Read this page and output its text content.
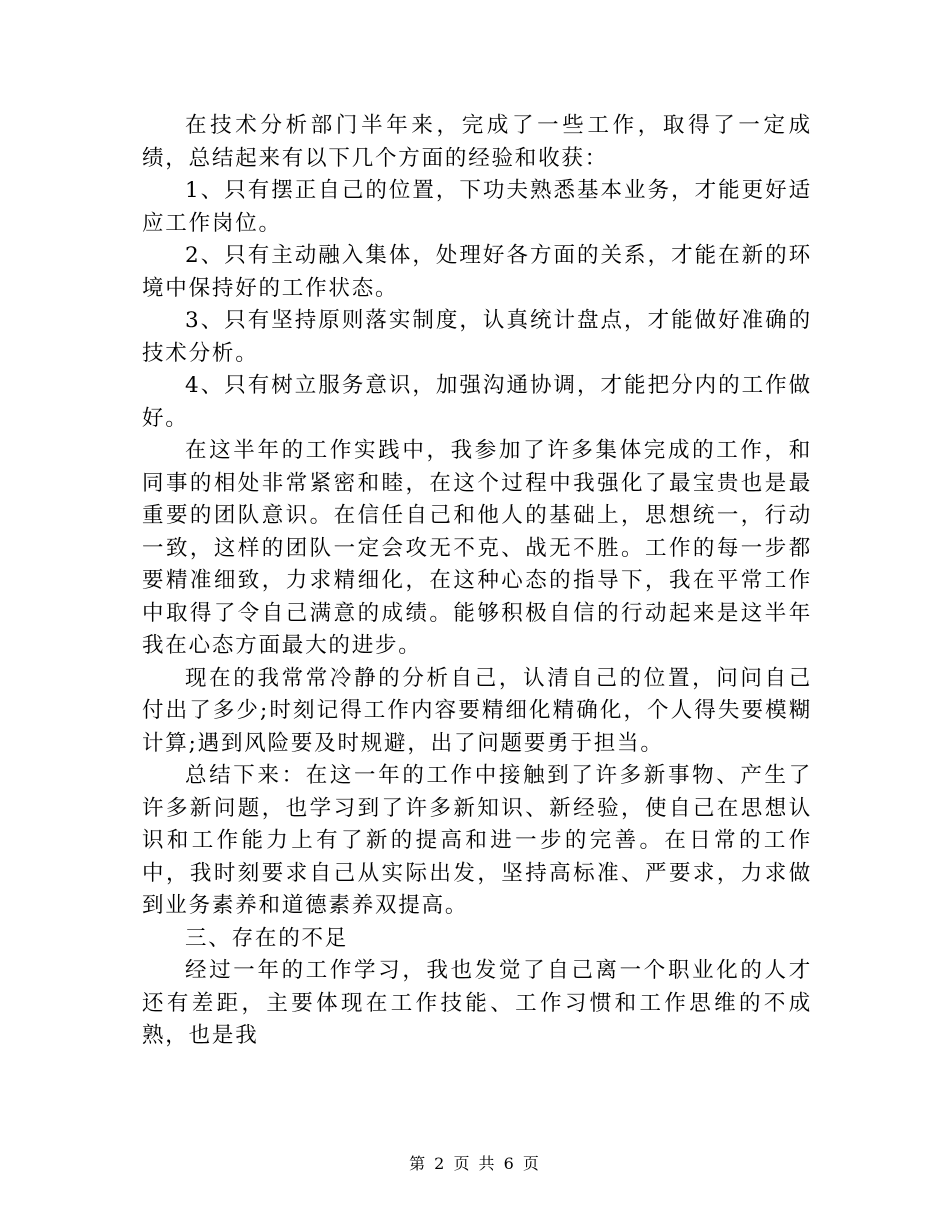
在技术分析部门半年来，完成了一些工作，取得了一定成绩，总结起来有以下几个方面的经验和收获：

1、只有摆正自己的位置，下功夫熟悉基本业务，才能更好适应工作岗位。

2、只有主动融入集体，处理好各方面的关系，才能在新的环境中保持好的工作状态。

3、只有坚持原则落实制度，认真统计盘点，才能做好准确的技术分析。

4、只有树立服务意识，加强沟通协调，才能把分内的工作做好。

在这半年的工作实践中，我参加了许多集体完成的工作，和同事的相处非常紧密和睦，在这个过程中我强化了最宝贵也是最重要的团队意识。在信任自己和他人的基础上，思想统一，行动一致，这样的团队一定会攻无不克、战无不胜。工作的每一步都要精准细致，力求精细化，在这种心态的指导下，我在平常工作中取得了令自己满意的成绩。能够积极自信的行动起来是这半年我在心态方面最大的进步。

现在的我常常冷静的分析自己，认清自己的位置，问问自己付出了多少;时刻记得工作内容要精细化精确化，个人得失要模糊计算;遇到风险要及时规避，出了问题要勇于担当。

总结下来：在这一年的工作中接触到了许多新事物、产生了许多新问题，也学习到了许多新知识、新经验，使自己在思想认识和工作能力上有了新的提高和进一步的完善。在日常的工作中，我时刻要求自己从实际出发，坚持高标准、严要求，力求做到业务素养和道德素养双提高。

三、存在的不足

经过一年的工作学习，我也发觉了自己离一个职业化的人才还有差距，主要体现在工作技能、工作习惯和工作思维的不成熟，也是我

第 2 页 共 6 页
